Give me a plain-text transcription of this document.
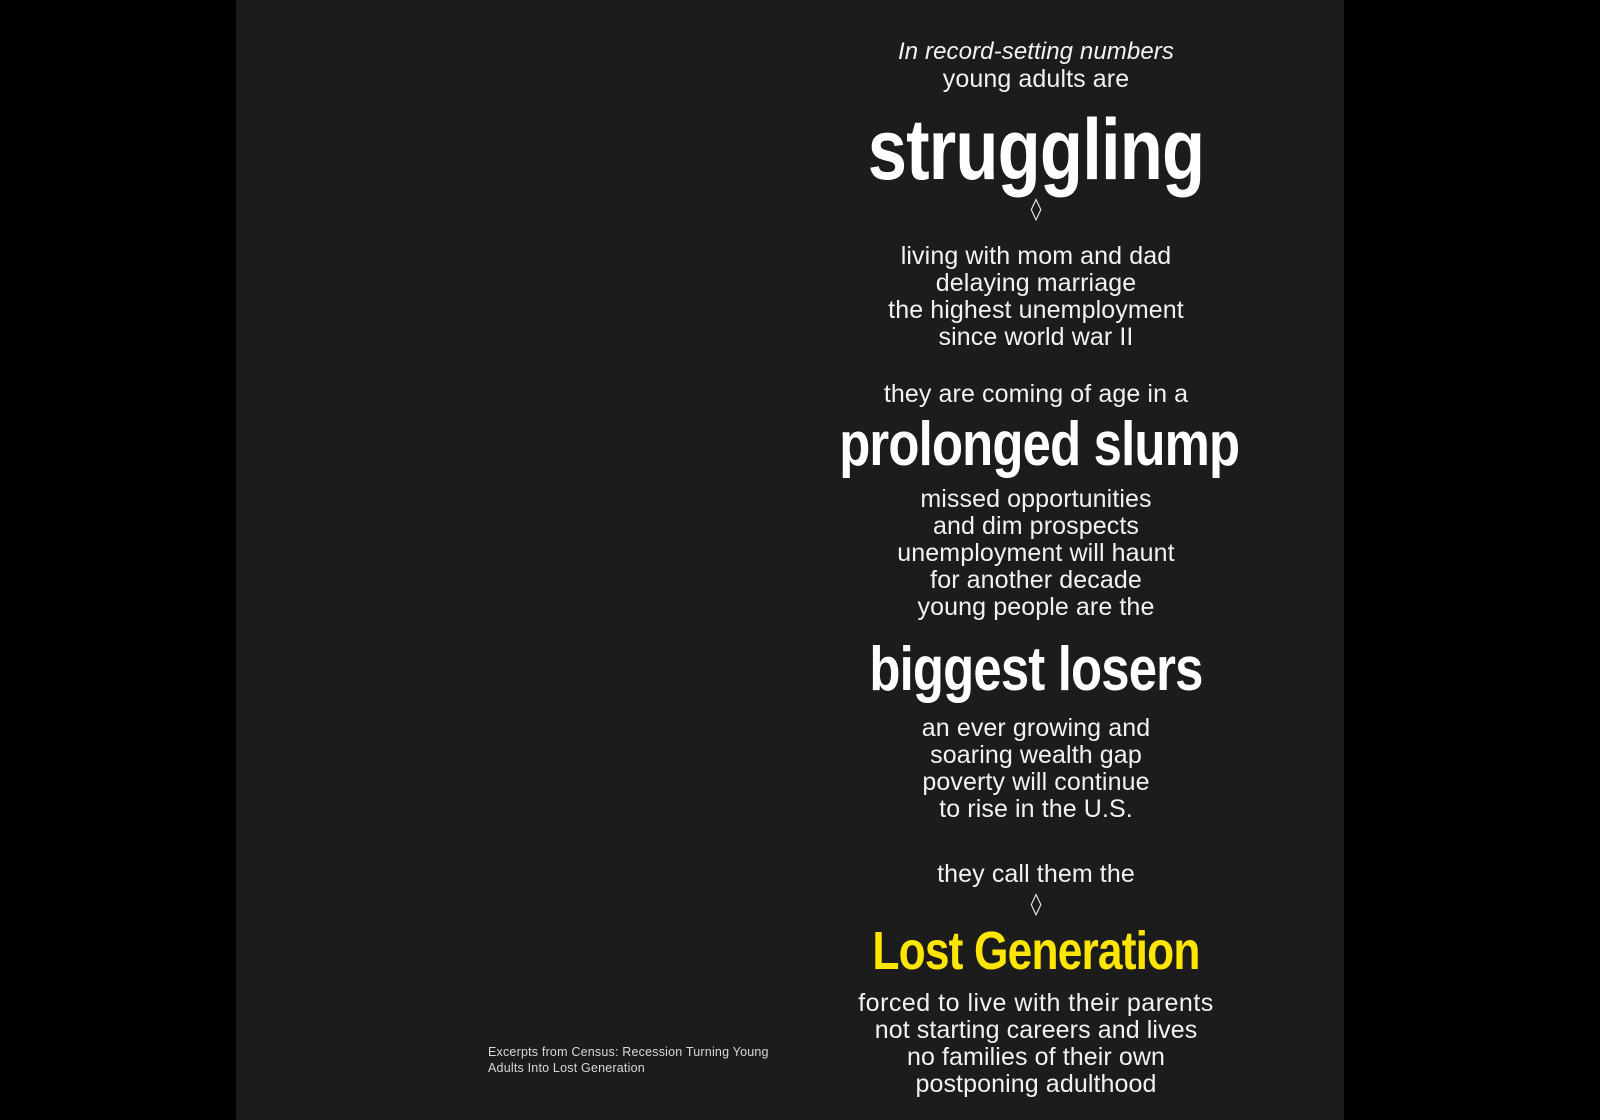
In record-setting numbers
young adults are
struggling
◊
living with mom and dad
delaying marriage
the highest unemployment
since world war II
they are coming of age in a
prolonged slump
missed opportunities
and dim prospects
unemployment will haunt
for another decade
young people are the
biggest losers
an ever growing and
soaring wealth gap
poverty will continue
to rise in the U.S.
they call them the
◊
Lost Generation
forced to live with their parents
not starting careers and lives
no families of their own
postponing adulthood
Excerpts from Census: Recession Turning Young
Adults Into Lost Generation
